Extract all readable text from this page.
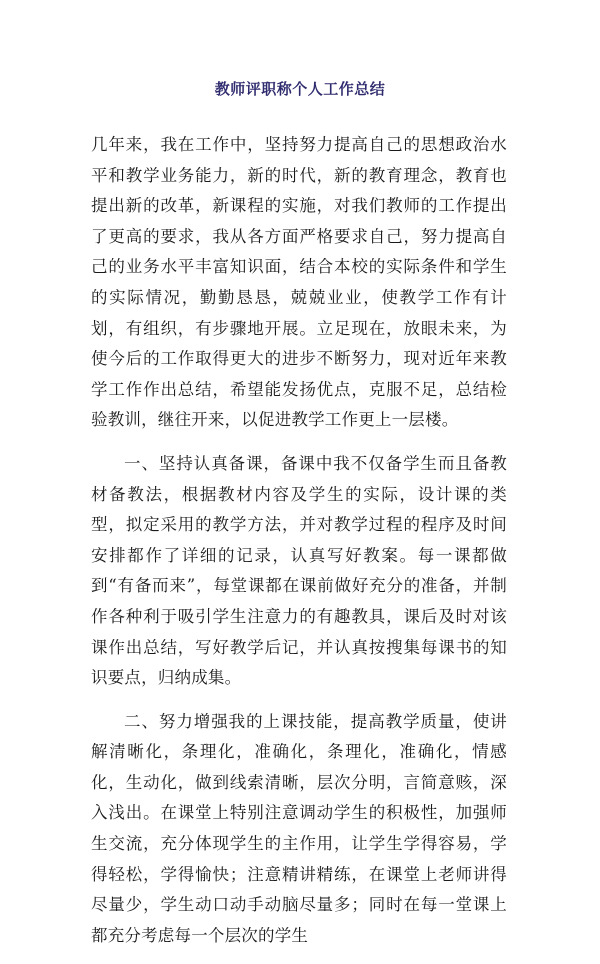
教师评职称个人工作总结

几年来，我在工作中，坚持努力提高自己的思想政治水平和教学业务能力，新的时代，新的教育理念，教育也提出新的改革，新课程的实施，对我们教师的工作提出了更高的要求，我从各方面严格要求自己，努力提高自己的业务水平丰富知识面，结合本校的实际条件和学生的实际情况，勤勤恳恳，兢兢业业，使教学工作有计划，有组织，有步骤地开展。立足现在，放眼未来，为使今后的工作取得更大的进步不断努力，现对近年来教学工作作出总结，希望能发扬优点，克服不足，总结检验教训，继往开来，以促进教学工作更上一层楼。

一、坚持认真备课，备课中我不仅备学生而且备教材备教法，根据教材内容及学生的实际，设计课的类型，拟定采用的教学方法，并对教学过程的程序及时间安排都作了详细的记录，认真写好教案。每一课都做到“有备而来”，每堂课都在课前做好充分的准备，并制作各种利于吸引学生注意力的有趣教具，课后及时对该课作出总结，写好教学后记，并认真按搜集每课书的知识要点，归纳成集。

二、努力增强我的上课技能，提高教学质量，使讲解清晰化，条理化，准确化，条理化，准确化，情感化，生动化，做到线索清晰，层次分明，言简意赅，深入浅出。在课堂上特别注意调动学生的积极性，加强师生交流，充分体现学生的主作用，让学生学得容易，学得轻松，学得愉快；注意精讲精练，在课堂上老师讲得尽量少，学生动口动手动脑尽量多；同时在每一堂课上都充分考虑每一个层次的学生
